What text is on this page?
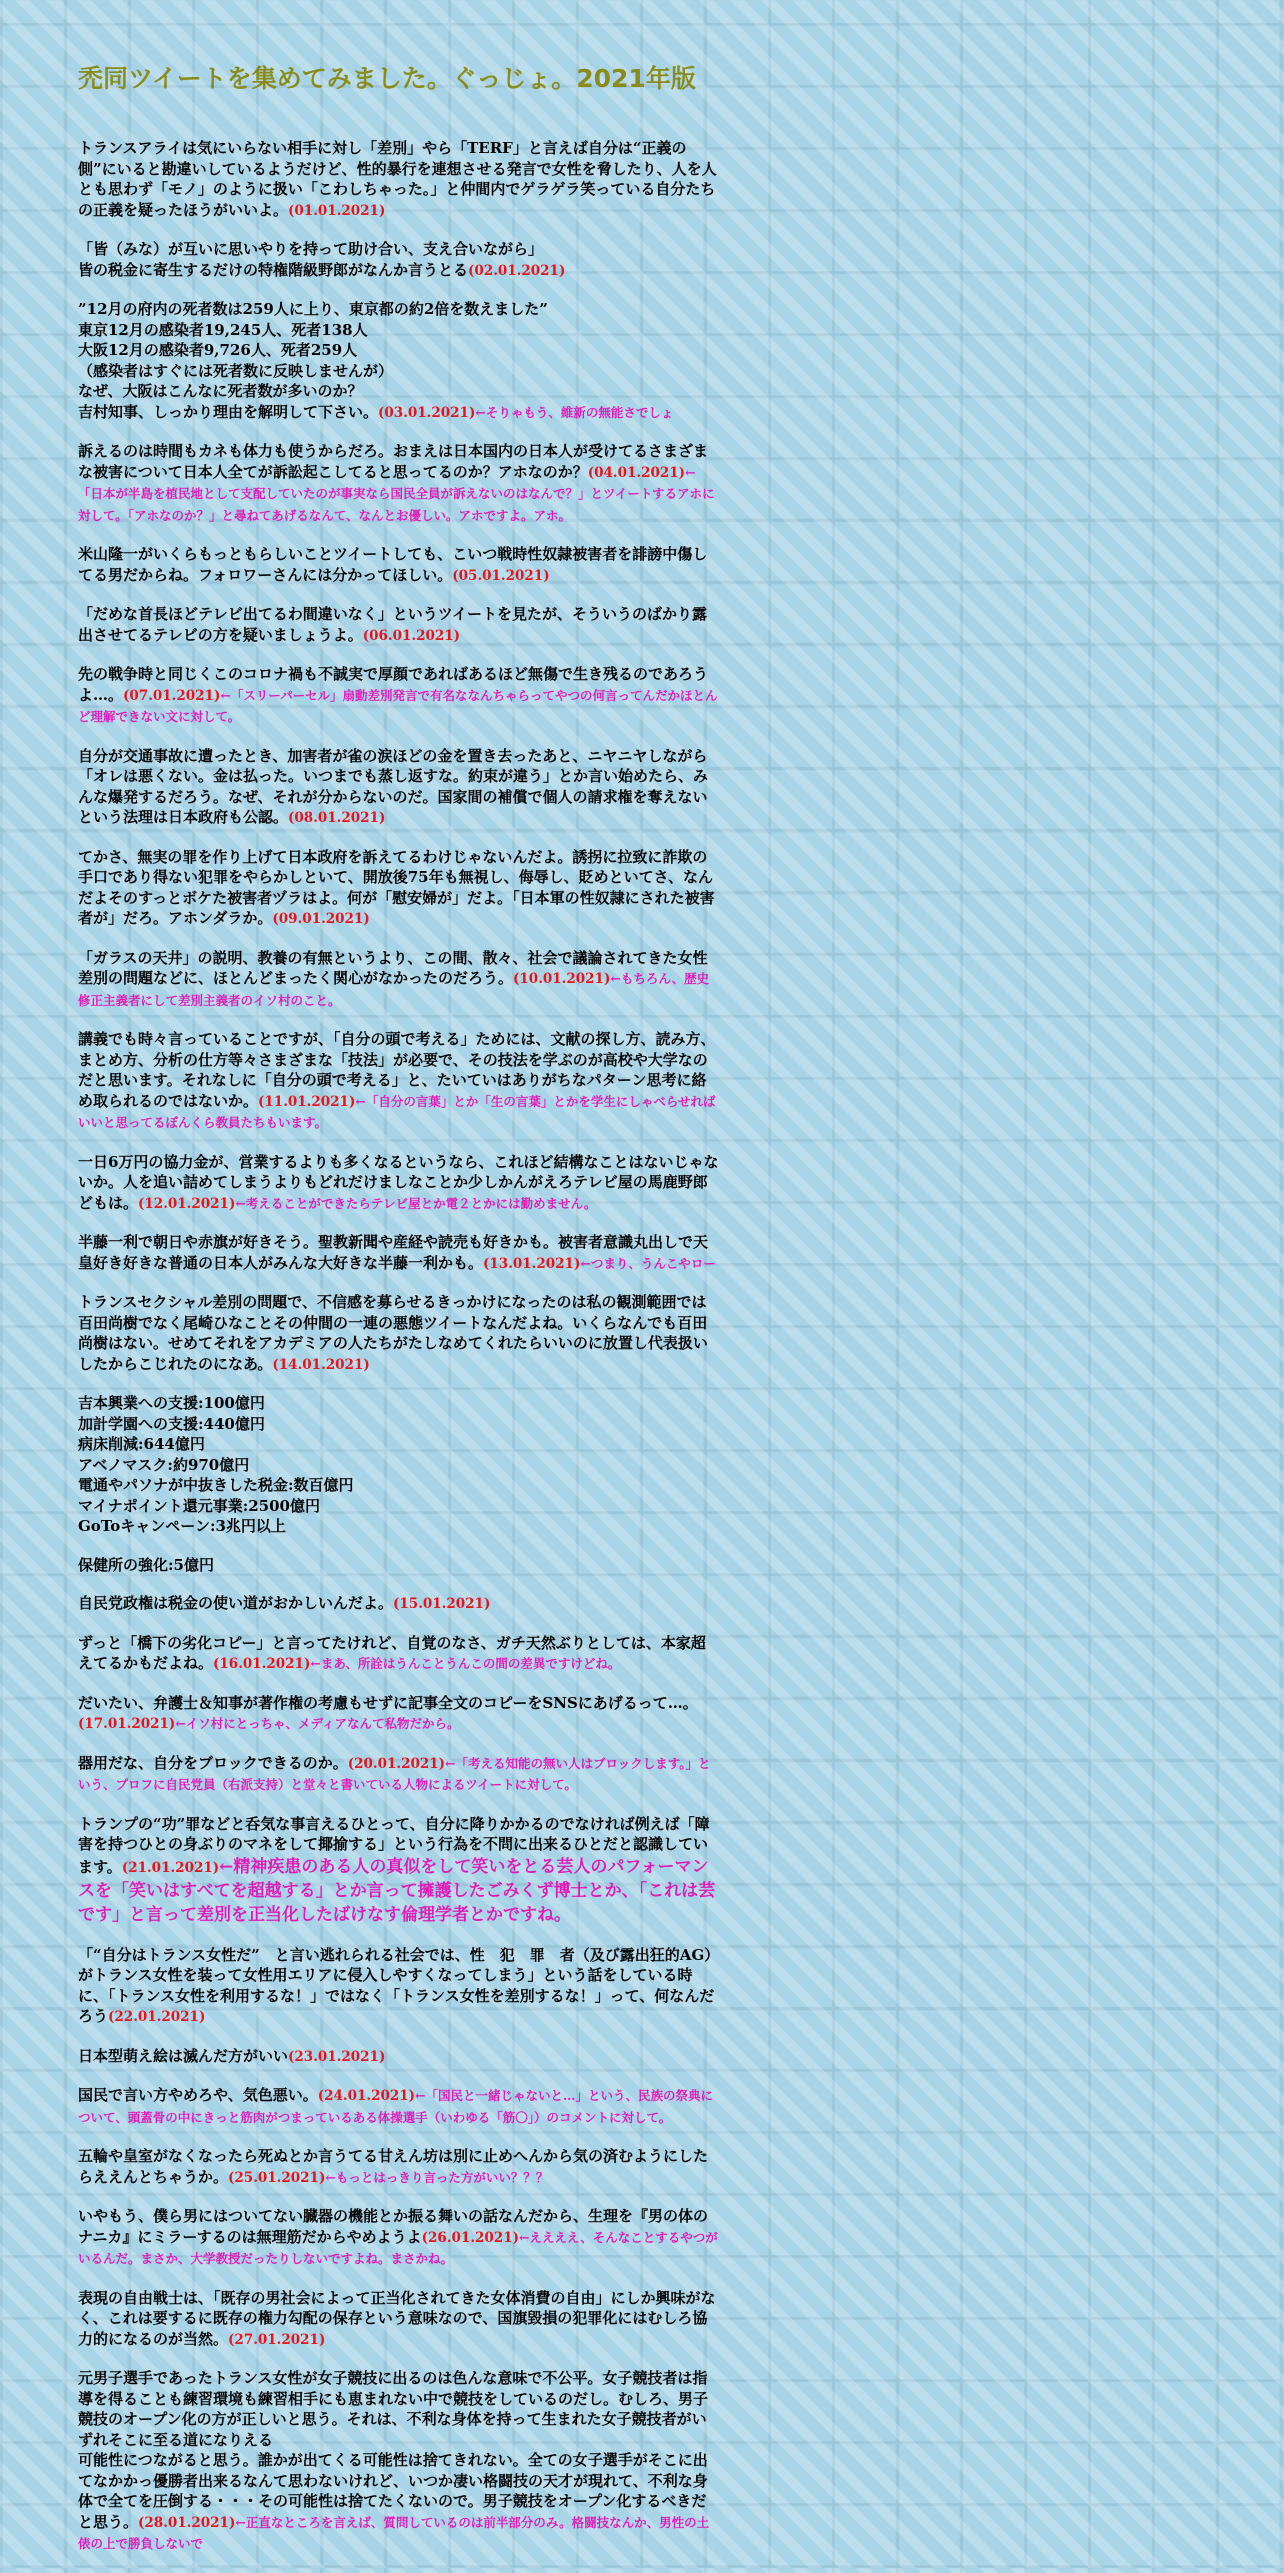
禿同ツイートを集めてみました。ぐっじょ。2021年版
トランスアライは気にいらない相手に対し「差別」やら「TERF」と言えば自分は“正義の側”にいると勘違いしているようだけど、性的暴行を連想させる発言で女性を脅したり、人を人とも思わず「モノ」のように扱い「こわしちゃった。」と仲間内でゲラゲラ笑っている自分たちの正義を疑ったほうがいいよ。(01.01.2021)
「皆（みな）が互いに思いやりを持って助け合い、支え合いながら」
皆の税金に寄生するだけの特権階級野郎がなんか言うとる(02.01.2021)
”12月の府内の死者数は259人に上り、東京都の約2倍を数えました”
東京12月の感染者19,245人、死者138人
大阪12月の感染者9,726人、死者259人
（感染者はすぐには死者数に反映しませんが）
なぜ、大阪はこんなに死者数が多いのか？
吉村知事、しっかり理由を解明して下さい。(03.01.2021)←そりゃもう、維新の無能さでしょ
訴えるのは時間もカネも体力も使うからだろ。おまえは日本国内の日本人が受けてるさまざまな被害について日本人全てが訴訟起こしてると思ってるのか？アホなのか？(04.01.2021)←「日本が半島を植民地として支配していたのが事実なら国民全員が訴えないのはなんで？」とツイートするアホに対して。「アホなのか？」と尋ねてあげるなんて、なんとお優しい。アホですよ。アホ。
米山隆一がいくらもっともらしいことツイートしても、こいつ戦時性奴隷被害者を誹謗中傷してる男だからね。フォロワーさんには分かってほしい。(05.01.2021)
「だめな首長ほどテレビ出てるわ間違いなく」というツイートを見たが、そういうのばかり露出させてるテレビの方を疑いましょうよ。(06.01.2021)
先の戦争時と同じくこのコロナ禍も不誠実で厚顔であればあるほど無傷で生き残るのであろうよ…。(07.01.2021)←「スリーパーセル」扇動差別発言で有名ななんちゃらってやつの何言ってんだかほとんど理解できない文に対して。
自分が交通事故に遭ったとき、加害者が雀の涙ほどの金を置き去ったあと、ニヤニヤしながら「オレは悪くない。金は払った。いつまでも蒸し返すな。約束が違う」とか言い始めたら、みんな爆発するだろう。なぜ、それが分からないのだ。国家間の補償で個人の請求権を奪えないという法理は日本政府も公認。(08.01.2021)
てかさ、無実の罪を作り上げて日本政府を訴えてるわけじゃないんだよ。誘拐に拉致に詐欺の手口であり得ない犯罪をやらかしといて、開放後75年も無視し、侮辱し、貶めといてさ、なんだよそのすっとボケた被害者ヅラはよ。何が「慰安婦が」だよ。「日本軍の性奴隷にされた被害者が」だろ。アホンダラか。(09.01.2021)
「ガラスの天井」の説明、教養の有無というより、この間、散々、社会で議論されてきた女性差別の問題などに、ほとんどまったく関心がなかったのだろう。(10.01.2021)←もちろん、歴史修正主義者にして差別主義者のイソ村のこと。
講義でも時々言っていることですが、「自分の頭で考える」ためには、文献の探し方、読み方、まとめ方、分析の仕方等々さまざまな「技法」が必要で、その技法を学ぶのが高校や大学なのだと思います。それなしに「自分の頭で考える」と、たいていはありがちなパターン思考に絡め取られるのではないか。(11.01.2021)←「自分の言葉」とか「生の言葉」とかを学生にしゃべらせればいいと思ってるぼんくら教員たちもいます。
一日6万円の協力金が、営業するよりも多くなるというなら、これほど結構なことはないじゃないか。人を追い詰めてしまうよりもどれだけましなことか少しかんがえろテレビ屋の馬鹿野郎どもは。(12.01.2021)←考えることができたらテレビ屋とか電２とかには勤めません。
半藤一利で朝日や赤旗が好きそう。聖教新聞や産経や読売も好きかも。被害者意識丸出しで天皇好き好きな普通の日本人がみんな大好きな半藤一利かも。(13.01.2021)←つまり、うんこやロー
トランスセクシャル差別の問題で、不信感を募らせるきっかけになったのは私の観測範囲では百田尚樹でなく尾崎ひなことその仲間の一連の悪態ツイートなんだよね。いくらなんでも百田尚樹はない。せめてそれをアカデミアの人たちがたしなめてくれたらいいのに放置し代表扱いしたからこじれたのになあ。(14.01.2021)
吉本興業への支援:100億円
加計学園への支援:440億円
病床削減:644億円
アベノマスク:約970億円
電通やパソナが中抜きした税金:数百億円
マイナポイント還元事業:2500億円
GoToキャンペーン:3兆円以上
保健所の強化:5億円
自民党政権は税金の使い道がおかしいんだよ。(15.01.2021)
ずっと「橋下の劣化コピー」と言ってたけれど、自覚のなさ、ガチ天然ぶりとしては、本家超えてるかもだよね。(16.01.2021)←まあ、所詮はうんことうんこの間の差異ですけどね。
だいたい、弁護士＆知事が著作権の考慮もせずに記事全文のコピーをSNSにあげるって…。(17.01.2021)←イソ村にとっちゃ、メディアなんて私物だから。
器用だな、自分をブロックできるのか。(20.01.2021)←「考える知能の無い人はブロックします。」という、プロフに自民党員（右派支持）と堂々と書いている人物によるツイートに対して。
トランプの“功”罪などと呑気な事言えるひとって、自分に降りかかるのでなければ例えば「障害を持つひとの身ぶりのマネをして揶揄する」という行為を不問に出来るひとだと認識しています。(21.01.2021)←精神疾患のある人の真似をして笑いをとる芸人のパフォーマンスを「笑いはすべてを超越する」とか言って擁護したごみくず博士とか、「これは芸です」と言って差別を正当化したばけなす倫理学者とかですね。
「“自分はトランス女性だ”　と言い逃れられる社会では、性　犯　罪　者（及び露出狂的AG）がトランス女性を装って女性用エリアに侵入しやすくなってしまう」という話をしている時に、「トランス女性を利用するな！」ではなく「トランス女性を差別するな！」って、何なんだろう(22.01.2021)
日本型萌え絵は滅んだ方がいい(23.01.2021)
国民で言い方やめろや、気色悪い。(24.01.2021)←「国民と一緒じゃないと…」という、民族の祭典について、頭蓋骨の中にきっと筋肉がつまっているある体操選手（いわゆる「筋〇」）のコメントに対して。
五輪や皇室がなくなったら死ぬとか言うてる甘えん坊は別に止めへんから気の済むようにしたらええんとちゃうか。(25.01.2021)←もっとはっきり言った方がいい？？？
いやもう、僕ら男にはついてない臓器の機能とか振る舞いの話なんだから、生理を『男の体のナニカ』にミラーするのは無理筋だからやめようよ(26.01.2021)←ええええ、そんなことするやつがいるんだ。まさか、大学教授だったりしないですよね。まさかね。
表現の自由戦士は、「既存の男社会によって正当化されてきた女体消費の自由」にしか興味がなく、これは要するに既存の権力勾配の保存という意味なので、国旗毀損の犯罪化にはむしろ協力的になるのが当然。(27.01.2021)
元男子選手であったトランス女性が女子競技に出るのは色んな意味で不公平。女子競技者は指導を得ることも練習環境も練習相手にも恵まれない中で競技をしているのだし。むしろ、男子競技のオープン化の方が正しいと思う。それは、不利な身体を持って生まれた女子競技者がいずれそこに至る道になりえる
可能性につながると思う。誰かが出てくる可能性は捨てきれない。全ての女子選手がそこに出てなかかっ優勝者出来るなんて思わないけれど、いつか凄い格闘技の天才が現れて、不利な身体で全てを圧倒する・・・その可能性は捨てたくないので。男子競技をオープン化するべきだと思う。(28.01.2021)←正直なところを言えば、質問しているのは前半部分のみ。格闘技なんか、男性の土俵の上で勝負しないで
